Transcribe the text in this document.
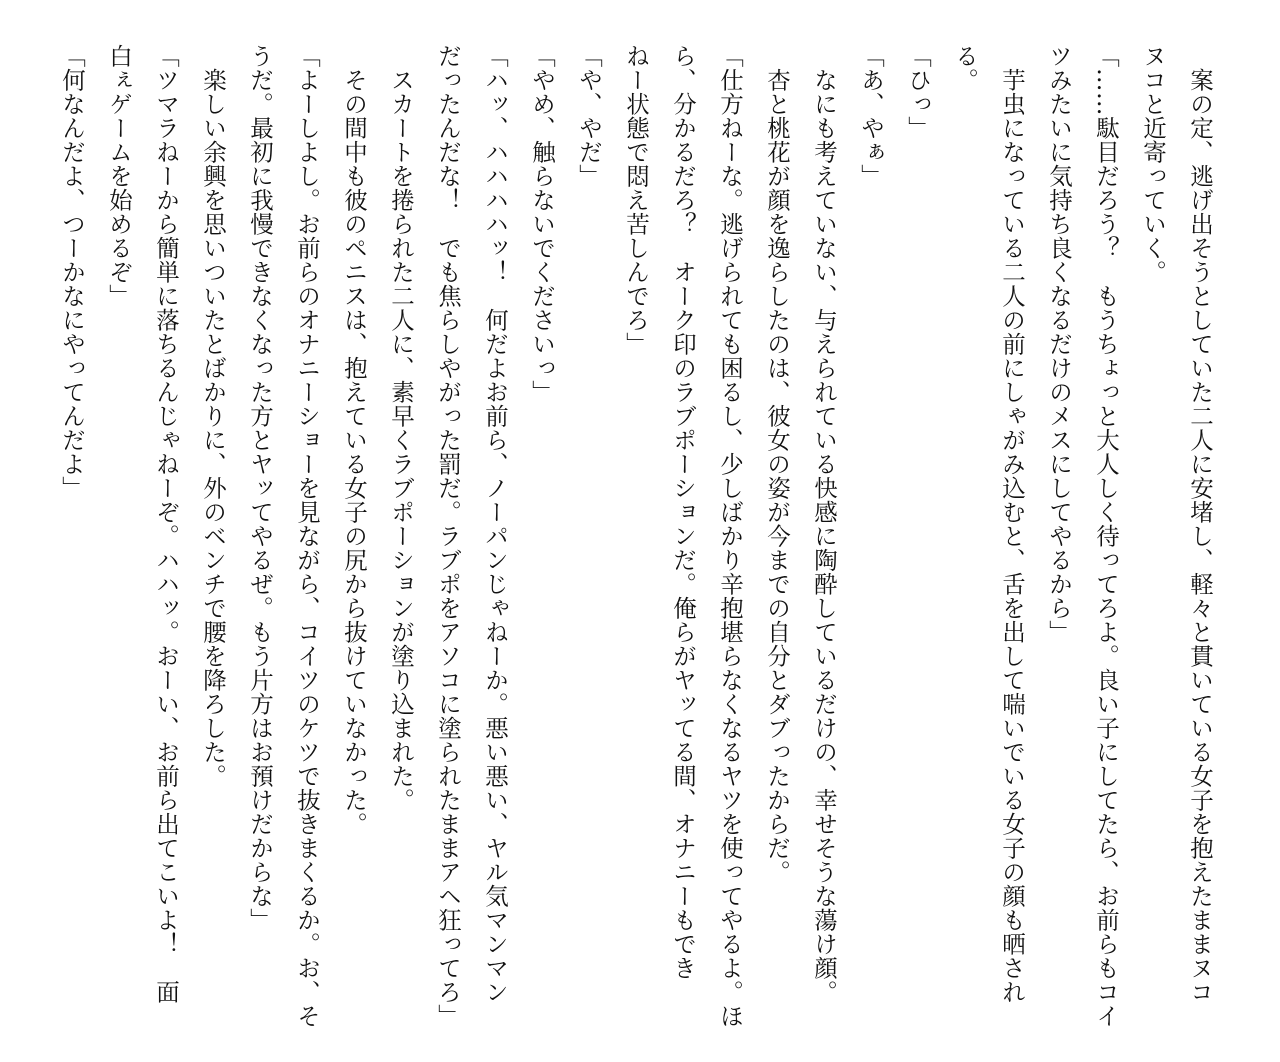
　案の定、逃げ出そうとしていた二人に安堵し、軽々と貫いている女子を抱えたままヌコ
ヌコと近寄っていく。
「……駄目だろう？　もうちょっと大人しく待ってろよ。良い子にしてたら、お前らもコイ
ツみたいに気持ち良くなるだけのメスにしてやるから」
　芋虫になっている二人の前にしゃがみ込むと、舌を出して喘いでいる女子の顔も晒され
る。
「ひっ」
「あ、やぁ」
　なにも考えていない、与えられている快感に陶酔しているだけの、幸せそうな蕩け顔。
　杏と桃花が顔を逸らしたのは、彼女の姿が今までの自分とダブったからだ。
「仕方ねーな。逃げられても困るし、少しばかり辛抱堪らなくなるヤツを使ってやるよ。ほ
ら、分かるだろ？　オーク印のラブポーションだ。俺らがヤッてる間、オナニーもでき
ねー状態で悶え苦しんでろ」
「や、やだ」
「やめ、触らないでくださいっ」
「ハッ、ハハハハッ！　何だよお前ら、ノーパンじゃねーか。悪い悪い、ヤル気マンマン
だったんだな！　でも焦らしやがった罰だ。ラブポをアソコに塗られたままアヘ狂ってろ」
　スカートを捲られた二人に、素早くラブポーションが塗り込まれた。
　その間中も彼のペニスは、抱えている女子の尻から抜けていなかった。
「よーしよし。お前らのオナニーショーを見ながら、コイツのケツで抜きまくるか。お、そ
うだ。最初に我慢できなくなった方とヤッてやるぜ。もう片方はお預けだからな」
　楽しい余興を思いついたとばかりに、外のベンチで腰を降ろした。
「ツマラねーから簡単に落ちるんじゃねーぞ。ハハッ。おーい、お前ら出てこいよ！　面
白ぇゲームを始めるぞ」
「何なんだよ、つーかなにやってんだよ」
